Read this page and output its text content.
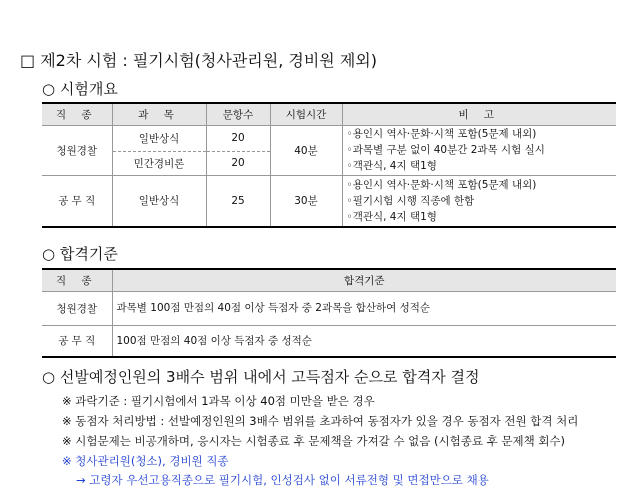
□ 제2차 시험 : 필기시험(청사관리원, 경비원 제외)
○ 시험개요
직 종	과 목	문항수	시험시간	비 고
청원경찰	일반상식	20	40분	◦용인시 역사·문화·시책 포함(5문제 내외)
◦과목별 구분 없이 40분간 2과목 시험 실시
◦객관식, 4지 택1형

	민간경비론	20		
공 무 직	일반상식	25	30분	◦용인시 역사·문화·시책 포함(5문제 내외)
◦필기시험 시행 직종에 한함
◦객관식, 4지 택1형
○ 합격기준
직 종	합격기준
청원경찰	과목별 100점 만점의 40점 이상 득점자 중 2과목을 합산하여 성적순
공 무 직	100점 만점의 40점 이상 득점자 중 성적순
○ 선발예정인원의 3배수 범위 내에서 고득점자 순으로 합격자 결정
※ 과락기준 : 필기시험에서 1과목 이상 40점 미만을 받은 경우
※ 동점자 처리방법 : 선발예정인원의 3배수 범위를 초과하여 동점자가 있을 경우 동점자 전원 합격 처리
※ 시험문제는 비공개하며, 응시자는 시험종료 후 문제책을 가져갈 수 없음 (시험종료 후 문제책 회수)
※ 청사관리원(청소), 경비원 직종
→ 고령자 우선고용직종으로 필기시험, 인성검사 없이 서류전형 및 면접만으로 채용
